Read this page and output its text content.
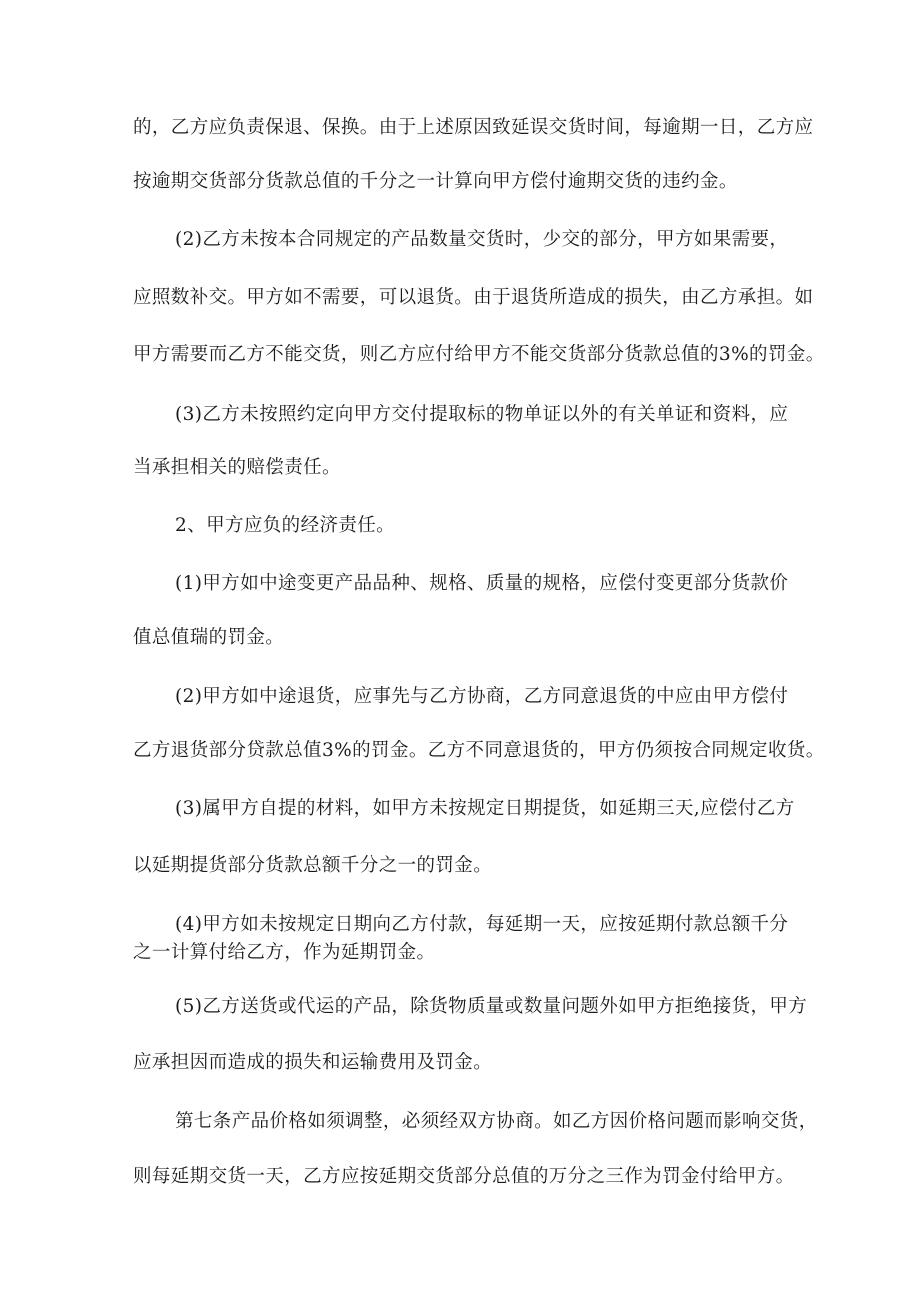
的，乙方应负责保退、保换。由于上述原因致延误交货时间，每逾期一日，乙方应
按逾期交货部分货款总值的千分之一计算向甲方偿付逾期交货的违约金。
(2)乙方未按本合同规定的产品数量交货时，少交的部分，甲方如果需要，
应照数补交。甲方如不需要，可以退货。由于退货所造成的损失，由乙方承担。如
甲方需要而乙方不能交货，则乙方应付给甲方不能交货部分货款总值的3%的罚金。
(3)乙方未按照约定向甲方交付提取标的物单证以外的有关单证和资料，应
当承担相关的赔偿责任。
2、甲方应负的经济责任。
(1)甲方如中途变更产品品种、规格、质量的规格，应偿付变更部分货款价
值总值瑞的罚金。
(2)甲方如中途退货，应事先与乙方协商，乙方同意退货的中应由甲方偿付
乙方退货部分贷款总值3%的罚金。乙方不同意退货的，甲方仍须按合同规定收货。
(3)属甲方自提的材料，如甲方未按规定日期提货，如延期三天,应偿付乙方
以延期提货部分货款总额千分之一的罚金。
(4)甲方如未按规定日期向乙方付款，每延期一天，应按延期付款总额千分
之一计算付给乙方，作为延期罚金。
(5)乙方送货或代运的产品，除货物质量或数量问题外如甲方拒绝接货，甲方
应承担因而造成的损失和运输费用及罚金。
第七条产品价格如须调整，必须经双方协商。如乙方因价格问题而影响交货，
则每延期交货一天，乙方应按延期交货部分总值的万分之三作为罚金付给甲方。
